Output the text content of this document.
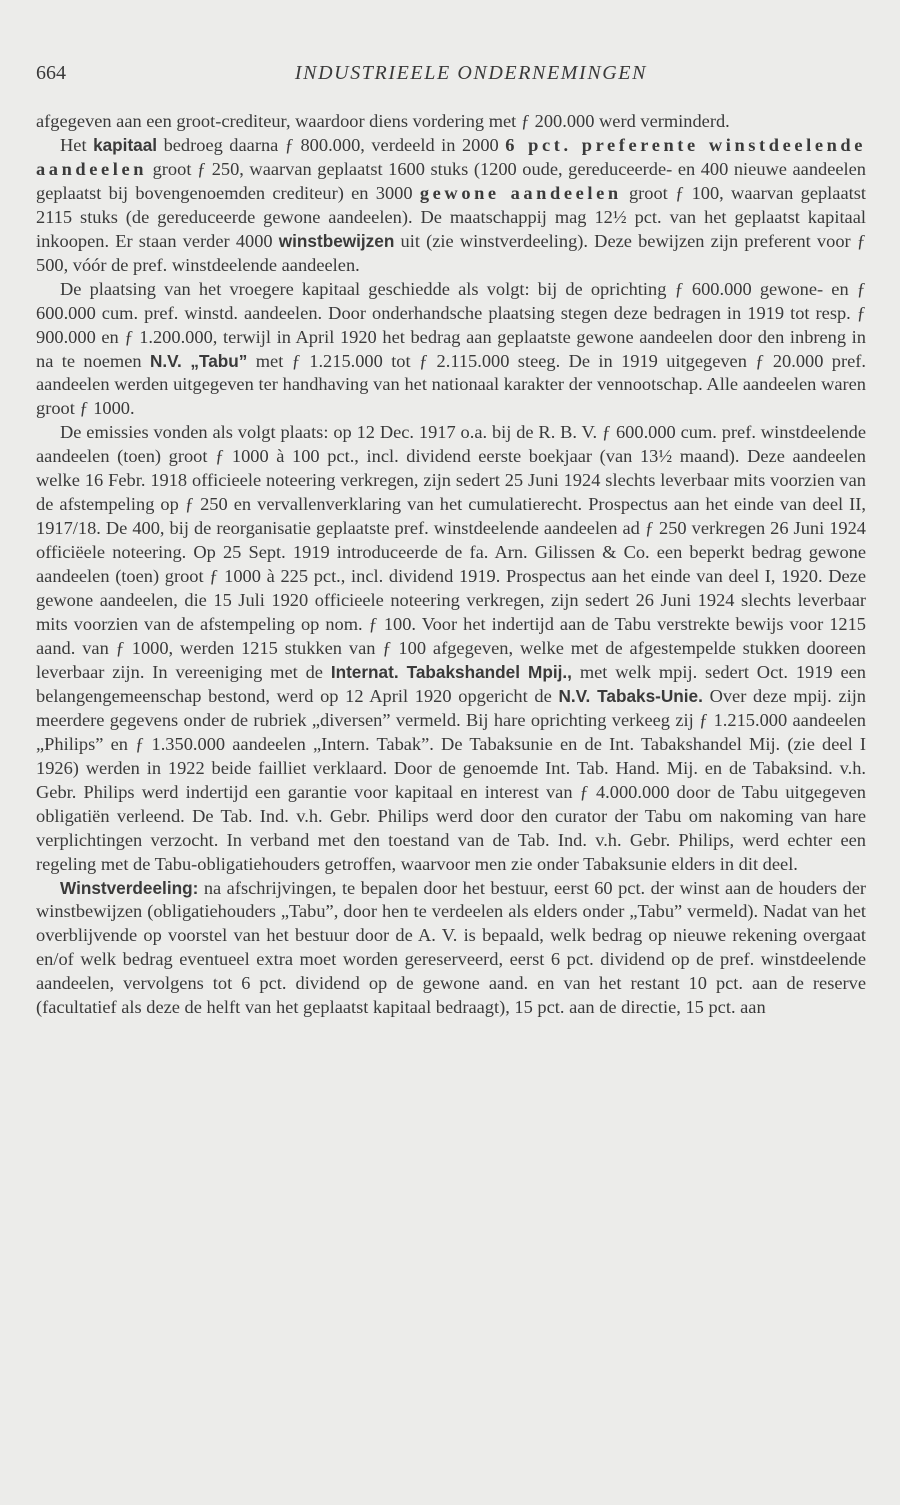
664	INDUSTRIEELE ONDERNEMINGEN

afgegeven aan een groot-crediteur, waardoor diens vordering met ƒ 200.000 werd verminderd.

Het kapitaal bedroeg daarna ƒ 800.000, verdeeld in 2000 6 pct. preferente winstdeelende aandeelen groot ƒ 250, waarvan geplaatst 1600 stuks (1200 oude, gereduceerde- en 400 nieuwe aandeelen geplaatst bij bovengenoemden crediteur) en 3000 gewone aandeelen groot ƒ 100, waarvan geplaatst 2115 stuks (de gereduceerde gewone aandeelen). De maatschappij mag 12½ pct. van het geplaatst kapitaal inkoopen. Er staan verder 4000 winstbewijzen uit (zie winstverdeeling). Deze bewijzen zijn preferent voor ƒ 500, vóór de pref. winstdeelende aandeelen.

De plaatsing van het vroegere kapitaal geschiedde als volgt: bij de oprichting ƒ 600.000 gewone- en ƒ 600.000 cum. pref. winstd. aandeelen. Door onderhandsche plaatsing stegen deze bedragen in 1919 tot resp. ƒ 900.000 en ƒ 1.200.000, terwijl in April 1920 het bedrag aan geplaatste gewone aandeelen door den inbreng in na te noemen N.V. „Tabu” met ƒ 1.215.000 tot ƒ 2.115.000 steeg. De in 1919 uitgegeven ƒ 20.000 pref. aandeelen werden uitgegeven ter handhaving van het nationaal karakter der vennootschap. Alle aandeelen waren groot ƒ 1000.

De emissies vonden als volgt plaats: op 12 Dec. 1917 o.a. bij de R. B. V. ƒ 600.000 cum. pref. winstdeelende aandeelen (toen) groot ƒ 1000 à 100 pct., incl. dividend eerste boekjaar (van 13½ maand). Deze aandeelen welke 16 Febr. 1918 officieele noteering verkregen, zijn sedert 25 Juni 1924 slechts leverbaar mits voorzien van de afstempeling op ƒ 250 en vervallenverklaring van het cumulatierecht. Prospectus aan het einde van deel II, 1917/18. De 400, bij de reorganisatie geplaatste pref. winstdeelende aandeelen ad ƒ 250 verkregen 26 Juni 1924 officiëele noteering. Op 25 Sept. 1919 introduceerde de fa. Arn. Gilissen & Co. een beperkt bedrag gewone aandeelen (toen) groot ƒ 1000 à 225 pct., incl. dividend 1919. Prospectus aan het einde van deel I, 1920. Deze gewone aandeelen, die 15 Juli 1920 officieele noteering verkregen, zijn sedert 26 Juni 1924 slechts leverbaar mits voorzien van de afstempeling op nom. ƒ 100. Voor het indertijd aan de Tabu verstrekte bewijs voor 1215 aand. van ƒ 1000, werden 1215 stukken van ƒ 100 afgegeven, welke met de afgestempelde stukken dooreen leverbaar zijn. In vereeniging met de Internat. Tabakshandel Mpij., met welk mpij. sedert Oct. 1919 een belangengemeenschap bestond, werd op 12 April 1920 opgericht de N.V. Tabaks-Unie. Over deze mpij. zijn meerdere gegevens onder de rubriek „diversen” vermeld. Bij hare oprichting verkeeg zij ƒ 1.215.000 aandeelen „Philips” en ƒ 1.350.000 aandeelen „Intern. Tabak”. De Tabaksunie en de Int. Tabakshandel Mij. (zie deel I 1926) werden in 1922 beide failliet verklaard. Door de genoemde Int. Tab. Hand. Mij. en de Tabaksind. v.h. Gebr. Philips werd indertijd een garantie voor kapitaal en interest van ƒ 4.000.000 door de Tabu uitgegeven obligatiën verleend. De Tab. Ind. v.h. Gebr. Philips werd door den curator der Tabu om nakoming van hare verplichtingen verzocht. In verband met den toestand van de Tab. Ind. v.h. Gebr. Philips, werd echter een regeling met de Tabu-obligatiehouders getroffen, waarvoor men zie onder Tabaksunie elders in dit deel.

Winstverdeeling: na afschrijvingen, te bepalen door het bestuur, eerst 60 pct. der winst aan de houders der winstbewijzen (obligatiehouders „Tabu”, door hen te verdeelen als elders onder „Tabu” vermeld). Nadat van het overblijvende op voorstel van het bestuur door de A. V. is bepaald, welk bedrag op nieuwe rekening overgaat en/of welk bedrag eventueel extra moet worden gereserveerd, eerst 6 pct. dividend op de pref. winstdeelende aandeelen, vervolgens tot 6 pct. dividend op de gewone aand. en van het restant 10 pct. aan de reserve (facultatief als deze de helft van het geplaatst kapitaal bedraagt), 15 pct. aan de directie, 15 pct. aan
